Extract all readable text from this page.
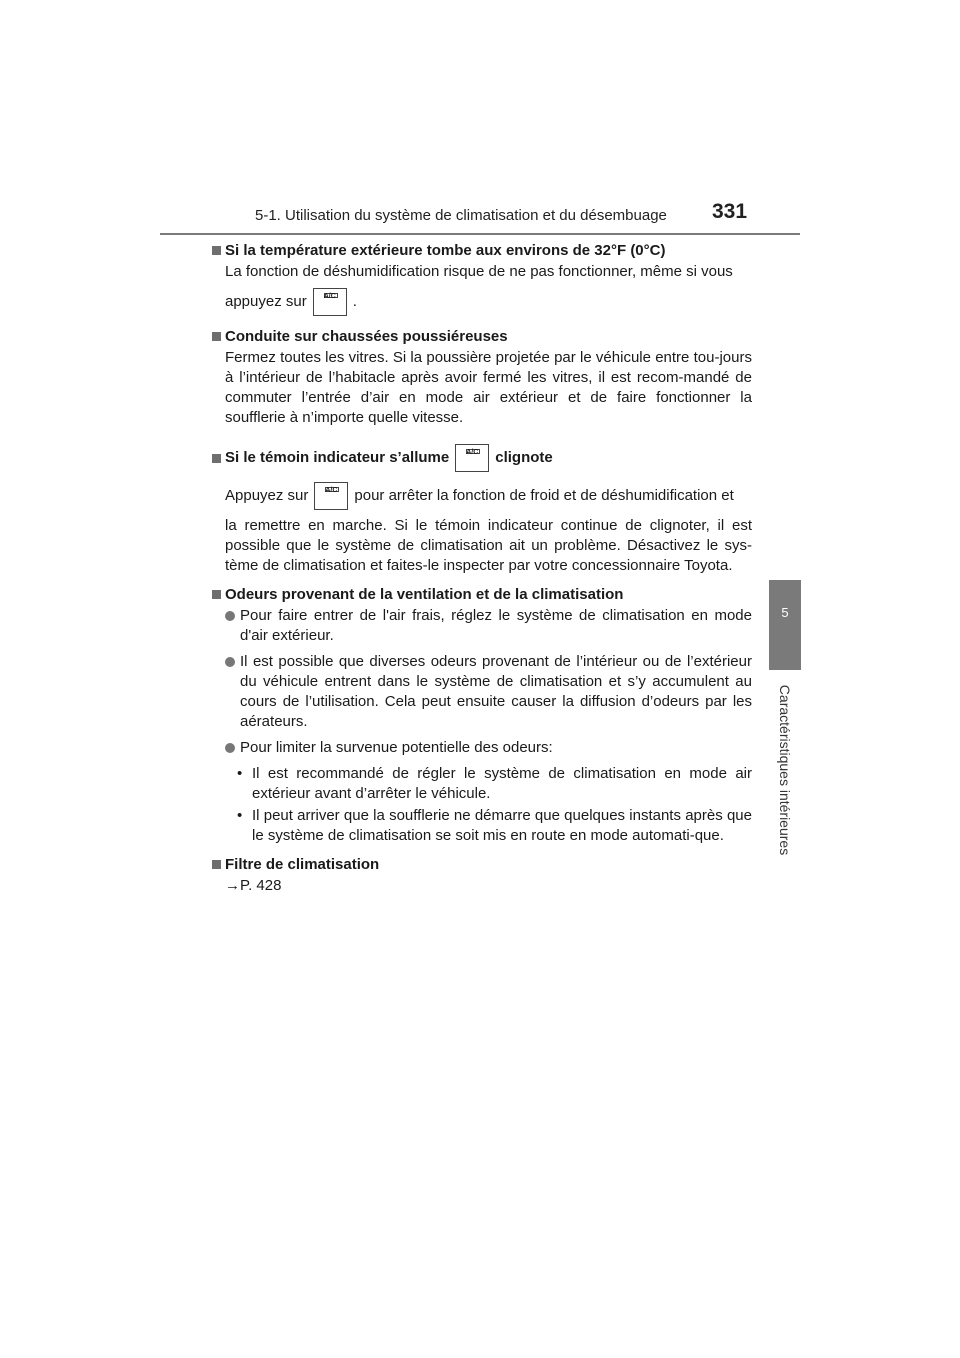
5-1. Utilisation du système de climatisation et du désembuage 331
5
Caractéristiques intérieures
Si la température extérieure tombe aux environs de 32°F (0°C)

La fonction de déshumidification risque de ne pas fonctionner, même si vous

appuyez sur	A/C	.

Conduite sur chaussées poussiéreuses

Fermez toutes les vitres. Si la poussière projetée par le véhicule entre tou-jours à l’intérieur de l’habitacle après avoir fermé les vitres, il est recom-mandé de commuter l’entrée d’air en mode air extérieur et de faire fonctionner la soufflerie à n’importe quelle vitesse.

Si le témoin indicateur s’allume	A/C	clignote

Appuyez sur	A/C	pour arrêter la fonction de froid et de déshumidification et

la remettre en marche. Si le témoin indicateur continue de clignoter, il est possible que le système de climatisation ait un problème. Désactivez le sys-tème de climatisation et faites-le inspecter par votre concessionnaire Toyota.

Odeurs provenant de la ventilation et de la climatisation
Pour faire entrer de l'air frais, réglez le système de climatisation en mode d'air extérieur.
Il est possible que diverses odeurs provenant de l’intérieur ou de l’extérieur du véhicule entrent dans le système de climatisation et s’y accumulent au cours de l’utilisation. Cela peut ensuite causer la diffusion d’odeurs par les aérateurs.
Pour limiter la survenue potentielle des odeurs:
• Il est recommandé de régler le système de climatisation en mode air extérieur avant d’arrêter le véhicule.
• Il peut arriver que la soufflerie ne démarre que quelques instants après que le système de climatisation se soit mis en route en mode automati-que.
Filtre de climatisation
→P. 428
